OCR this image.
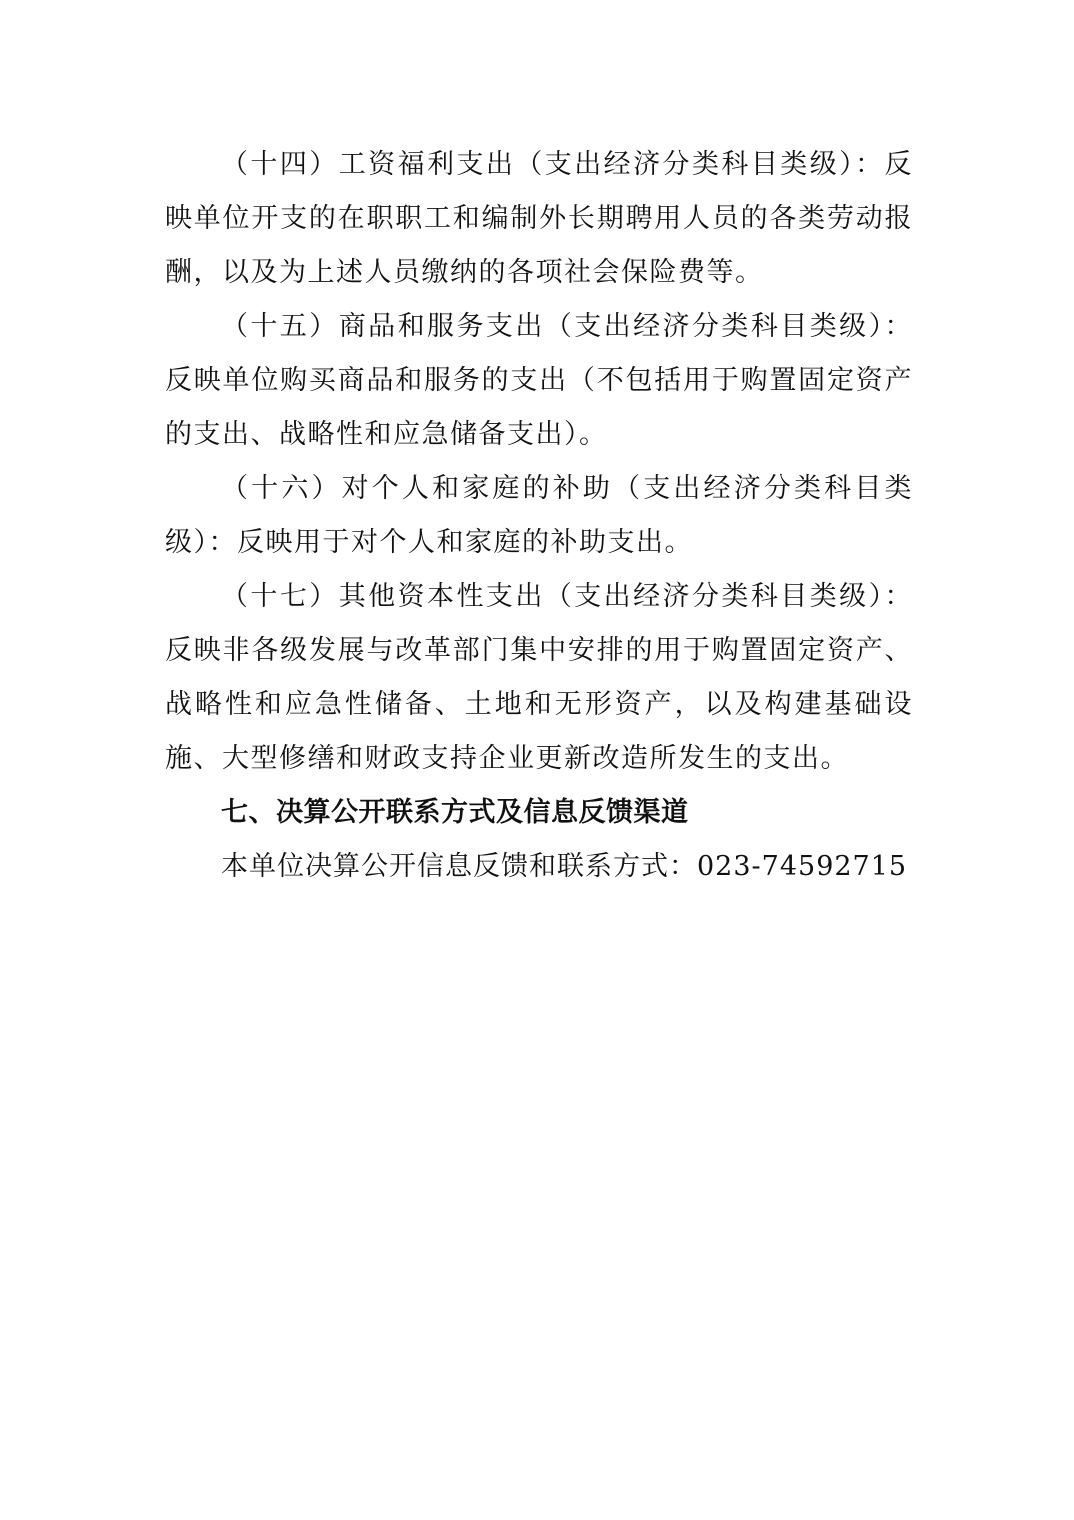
（十四）工资福利支出（支出经济分类科目类级）：反映单位开支的在职职工和编制外长期聘用人员的各类劳动报酬，以及为上述人员缴纳的各项社会保险费等。

（十五）商品和服务支出（支出经济分类科目类级）：反映单位购买商品和服务的支出（不包括用于购置固定资产的支出、战略性和应急储备支出）。

（十六）对个人和家庭的补助（支出经济分类科目类级）：反映用于对个人和家庭的补助支出。

（十七）其他资本性支出（支出经济分类科目类级）：反映非各级发展与改革部门集中安排的用于购置固定资产、战略性和应急性储备、土地和无形资产，以及构建基础设施、大型修缮和财政支持企业更新改造所发生的支出。

七、决算公开联系方式及信息反馈渠道

本单位决算公开信息反馈和联系方式：023-74592715
